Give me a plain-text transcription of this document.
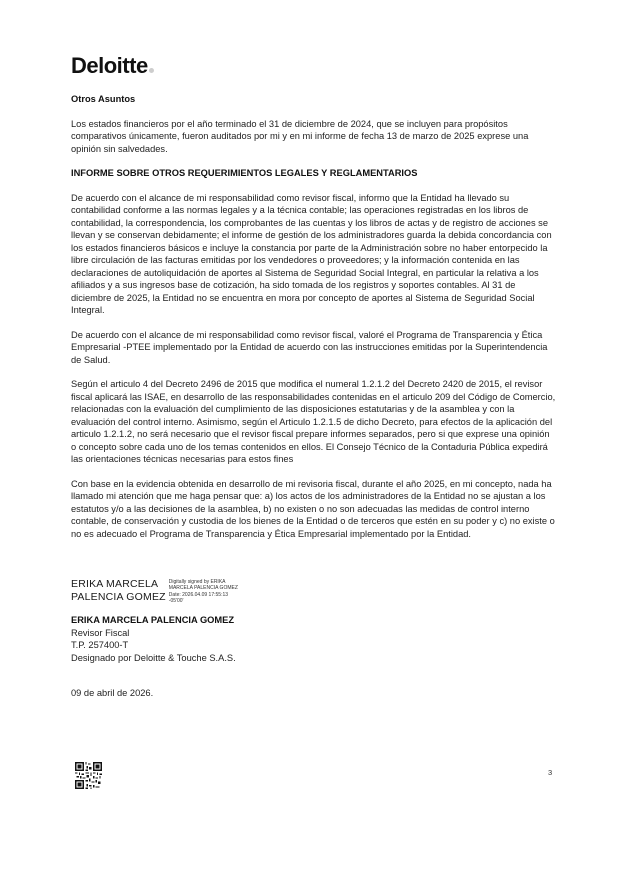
Deloitte
Otros Asuntos

Los estados financieros por el año terminado el 31 de diciembre de 2024, que se incluyen para propósitos comparativos únicamente, fueron auditados por mi y en mi informe de fecha 13 de marzo de 2025 exprese una opinión sin salvedades.

INFORME SOBRE OTROS REQUERIMIENTOS LEGALES Y REGLAMENTARIOS

De acuerdo con el alcance de mi responsabilidad como revisor fiscal, informo que la Entidad ha llevado su contabilidad conforme a las normas legales y a la técnica contable; las operaciones registradas en los libros de contabilidad, la correspondencia, los comprobantes de las cuentas y los libros de actas y de registro de acciones se llevan y se conservan debidamente; el informe de gestión de los administradores guarda la debida concordancia con los estados financieros básicos e incluye la constancia por parte de la Administración sobre no haber entorpecido la libre circulación de las facturas emitidas por los vendedores o proveedores; y la información contenida en las declaraciones de autoliquidación de aportes al Sistema de Seguridad Social Integral, en particular la relativa a los afiliados y a sus ingresos base de cotización, ha sido tomada de los registros y soportes contables. Al 31 de diciembre de 2025, la Entidad no se encuentra en mora por concepto de aportes al Sistema de Seguridad Social Integral.

De acuerdo con el alcance de mi responsabilidad como revisor fiscal, valoré el Programa de Transparencia y Ética Empresarial -PTEE implementado por la Entidad de acuerdo con las instrucciones emitidas por la Superintendencia de Salud.

Según el articulo 4 del Decreto 2496 de 2015 que modifica el numeral 1.2.1.2 del Decreto 2420 de 2015, el revisor fiscal aplicará las ISAE, en desarrollo de las responsabilidades contenidas en el articulo 209 del Código de Comercio, relacionadas con la evaluación del cumplimiento de las disposiciones estatutarias y de la asamblea y con la evaluación del control interno. Asimismo, según el Articulo 1.2.1.5 de dicho Decreto, para efectos de la aplicación del articulo 1.2.1.2, no será necesario que el revisor fiscal prepare informes separados, pero si que exprese una opinión o concepto sobre cada uno de los temas contenidos en ellos. El Consejo Técnico de la Contaduria Pública expedirá las orientaciones técnicas necesarias para estos fines

Con base en la evidencia obtenida en desarrollo de mi revisoria fiscal, durante el año 2025, en mi concepto, nada ha llamado mi atención que me haga pensar que: a) los actos de los administradores de la Entidad no se ajustan a los estatutos y/o a las decisiones de la asamblea, b) no existen o no son adecuadas las medidas de control interno contable, de conservación y custodia de los bienes de la Entidad o de terceros que estén en su poder y c) no existe o no es adecuado el Programa de Transparencia y Ética Empresarial implementado por la Entidad.

ERIKA MARCELA
PALENCIA GOMEZ
Digitally signed by ERIKA
MARCELA PALENCIA GOMEZ
Date: 2026.04.09 17:55:13
-05'00'
ERIKA MARCELA PALENCIA GOMEZ
Revisor Fiscal
T.P. 257400-T
Designado por Deloitte & Touche S.A.S.
09 de abril de 2026.
3
